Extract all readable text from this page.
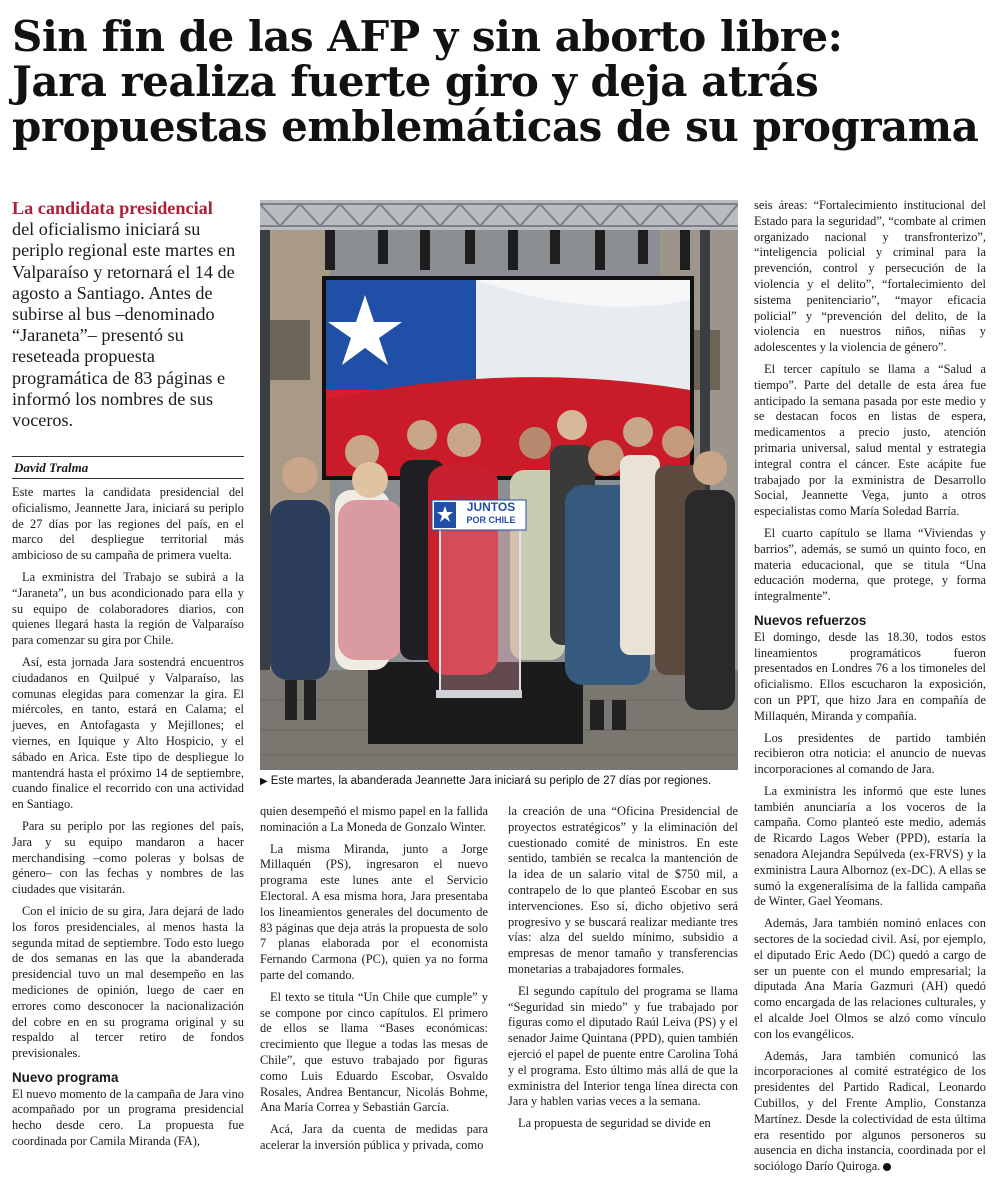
Sin fin de las AFP y sin aborto libre:
Jara realiza fuerte giro y deja atrás
propuestas emblemáticas de su programa
La candidata presidencial
del oficialismo iniciará su periplo regional este martes en Valparaíso y retornará el 14 de agosto a Santiago. Antes de subirse al bus –denominado “Jaraneta”– presentó su reseteada propuesta programática de 83 páginas e informó los nombres de sus voceros.
David Tralma

Este martes la candidata presidencial del oficialismo, Jeannette Jara, iniciará su periplo de 27 días por las regiones del país, en el marco del despliegue territorial más ambicioso de su campaña de primera vuelta.

La exministra del Trabajo se subirá a la “Jaraneta”, un bus acondicionado para ella y su equipo de colaboradores diarios, con quienes llegará hasta la región de Valparaíso para comenzar su gira por Chile.

Así, esta jornada Jara sostendrá encuentros ciudadanos en Quilpué y Valparaíso, las comunas elegidas para comenzar la gira. El miércoles, en tanto, estará en Calama; el jueves, en Antofagasta y Mejillones; el viernes, en Iquique y Alto Hospicio, y el sábado en Arica. Este tipo de despliegue lo mantendrá hasta el próximo 14 de septiembre, cuando finalice el recorrido con una actividad en Santiago.

Para su periplo por las regiones del país, Jara y su equipo mandaron a hacer merchandising –como poleras y bolsas de género– con las fechas y nombres de las ciudades que visitarán.

Con el inicio de su gira, Jara dejará de lado los foros presidenciales, al menos hasta la segunda mitad de septiembre. Todo esto luego de dos semanas en las que la abanderada presidencial tuvo un mal desempeño en las mediciones de opinión, luego de caer en errores como desconocer la nacionalización del cobre en en su programa original y su respaldo al tercer retiro de fondos previsionales.

Nuevo programa

El nuevo momento de la campaña de Jara vino acompañado por un programa presidencial hecho desde cero. La propuesta fue coordinada por Camila Miranda (FA),

JUNTOS
POR CHILE
▶ Este martes, la abanderada Jeannette Jara iniciará su periplo de 27 días por regiones.

quien desempeñó el mismo papel en la fallida nominación a La Moneda de Gonzalo Winter.

La misma Miranda, junto a Jorge Millaquén (PS), ingresaron el nuevo programa este lunes ante el Servicio Electoral. A esa misma hora, Jara presentaba los lineamientos generales del documento de 83 páginas que deja atrás la propuesta de solo 7 planas elaborada por el economista Fernando Carmona (PC), quien ya no forma parte del comando.

El texto se titula “Un Chile que cumple” y se compone por cinco capítulos. El primero de ellos se llama “Bases económicas: crecimiento que llegue a todas las mesas de Chile”, que estuvo trabajado por figuras como Luis Eduardo Escobar, Osvaldo Rosales, Andrea Bentancur, Nicolás Bohme, Ana María Correa y Sebastián García.

Acá, Jara da cuenta de medidas para acelerar la inversión pública y privada, como

la creación de una “Oficina Presidencial de proyectos estratégicos” y la eliminación del cuestionado comité de ministros. En este sentido, también se recalca la mantención de la idea de un salario vital de $750 mil, a contrapelo de lo que planteó Escobar en sus intervenciones. Eso sí, dicho objetivo será progresivo y se buscará realizar mediante tres vías: alza del sueldo mínimo, subsidio a empresas de menor tamaño y transferencias monetarias a trabajadores formales.

El segundo capítulo del programa se llama “Seguridad sin miedo” y fue trabajado por figuras como el diputado Raúl Leiva (PS) y el senador Jaime Quintana (PPD), quien también ejerció el papel de puente entre Carolina Tohá y el programa. Esto último más allá de que la exministra del Interior tenga línea directa con Jara y hablen varias veces a la semana.

La propuesta de seguridad se divide en

seis áreas: “Fortalecimiento institucional del Estado para la seguridad”, “combate al crimen organizado nacional y transfronterizo”, “inteligencia policial y criminal para la prevención, control y persecución de la violencia y el delito”, “fortalecimiento del sistema penitenciario”, “mayor eficacia policial” y “prevención del delito, de la violencia en nuestros niños, niñas y adolescentes y la violencia de género”.

El tercer capítulo se llama a “Salud a tiempo”. Parte del detalle de esta área fue anticipado la semana pasada por este medio y se destacan focos en listas de espera, medicamentos a precio justo, atención primaria universal, salud mental y estrategia integral contra el cáncer. Este acápite fue trabajado por la exministra de Desarrollo Social, Jeannette Vega, junto a otros especialistas como María Soledad Barría.

El cuarto capítulo se llama “Viviendas y barrios”, además, se sumó un quinto foco, en materia educacional, que se titula “Una educación moderna, que protege, y forma integralmente”.

Nuevos refuerzos

El domingo, desde las 18.30, todos estos lineamientos programáticos fueron presentados en Londres 76 a los timoneles del oficialismo. Ellos escucharon la exposición, con un PPT, que hizo Jara en compañía de Millaquén, Miranda y compañía.

Los presidentes de partido también recibieron otra noticia: el anuncio de nuevas incorporaciones al comando de Jara.

La exministra les informó que este lunes también anunciaría a los voceros de la campaña. Como planteó este medio, además de Ricardo Lagos Weber (PPD), estaría la senadora Alejandra Sepúlveda (ex-FRVS) y la exministra Laura Albornoz (ex-DC). A ellas se sumó la exgeneralísima de la fallida campaña de Winter, Gael Yeomans.

Además, Jara también nominó enlaces con sectores de la sociedad civil. Así, por ejemplo, el diputado Eric Aedo (DC) quedó a cargo de ser un puente con el mundo empresarial; la diputada Ana María Gazmuri (AH) quedó como encargada de las relaciones culturales, y el alcalde Joel Olmos se alzó como vínculo con los evangélicos.

Además, Jara también comunicó las incorporaciones al comité estratégico de los presidentes del Partido Radical, Leonardo Cubillos, y del Frente Amplio, Constanza Martínez. Desde la colectividad de esta última era resentido por algunos personeros su ausencia en dicha instancia, coordinada por el sociólogo Darío Quiroga.
